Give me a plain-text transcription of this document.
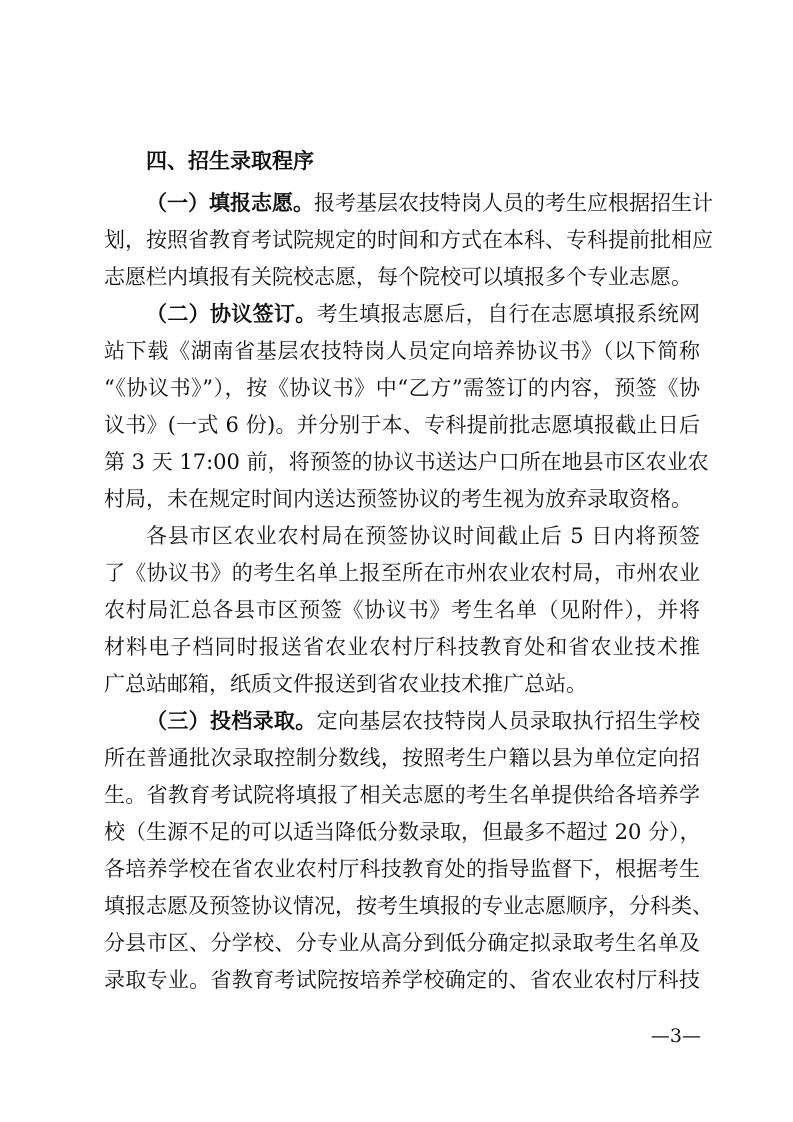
四、招生录取程序
（一）填报志愿。报考基层农技特岗人员的考生应根据招生计
划，按照省教育考试院规定的时间和方式在本科、专科提前批相应
志愿栏内填报有关院校志愿，每个院校可以填报多个专业志愿。
（二）协议签订。考生填报志愿后，自行在志愿填报系统网
站下载《湖南省基层农技特岗人员定向培养协议书》（以下简称
“《协议书》”），按《协议书》中“乙方”需签订的内容，预签《协
议书》(一式 6 份)。并分别于本、专科提前批志愿填报截止日后
第 3 天 17:00 前，将预签的协议书送达户口所在地县市区农业农
村局，未在规定时间内送达预签协议的考生视为放弃录取资格。
各县市区农业农村局在预签协议时间截止后 5 日内将预签
了《协议书》的考生名单上报至所在市州农业农村局，市州农业
农村局汇总各县市区预签《协议书》考生名单（见附件），并将
材料电子档同时报送省农业农村厅科技教育处和省农业技术推
广总站邮箱，纸质文件报送到省农业技术推广总站。
（三）投档录取。定向基层农技特岗人员录取执行招生学校
所在普通批次录取控制分数线，按照考生户籍以县为单位定向招
生。省教育考试院将填报了相关志愿的考生名单提供给各培养学
校（生源不足的可以适当降低分数录取，但最多不超过 20 分），
各培养学校在省农业农村厅科技教育处的指导监督下，根据考生
填报志愿及预签协议情况，按考生填报的专业志愿顺序，分科类、
分县市区、分学校、分专业从高分到低分确定拟录取考生名单及
录取专业。省教育考试院按培养学校确定的、省农业农村厅科技
—3—
